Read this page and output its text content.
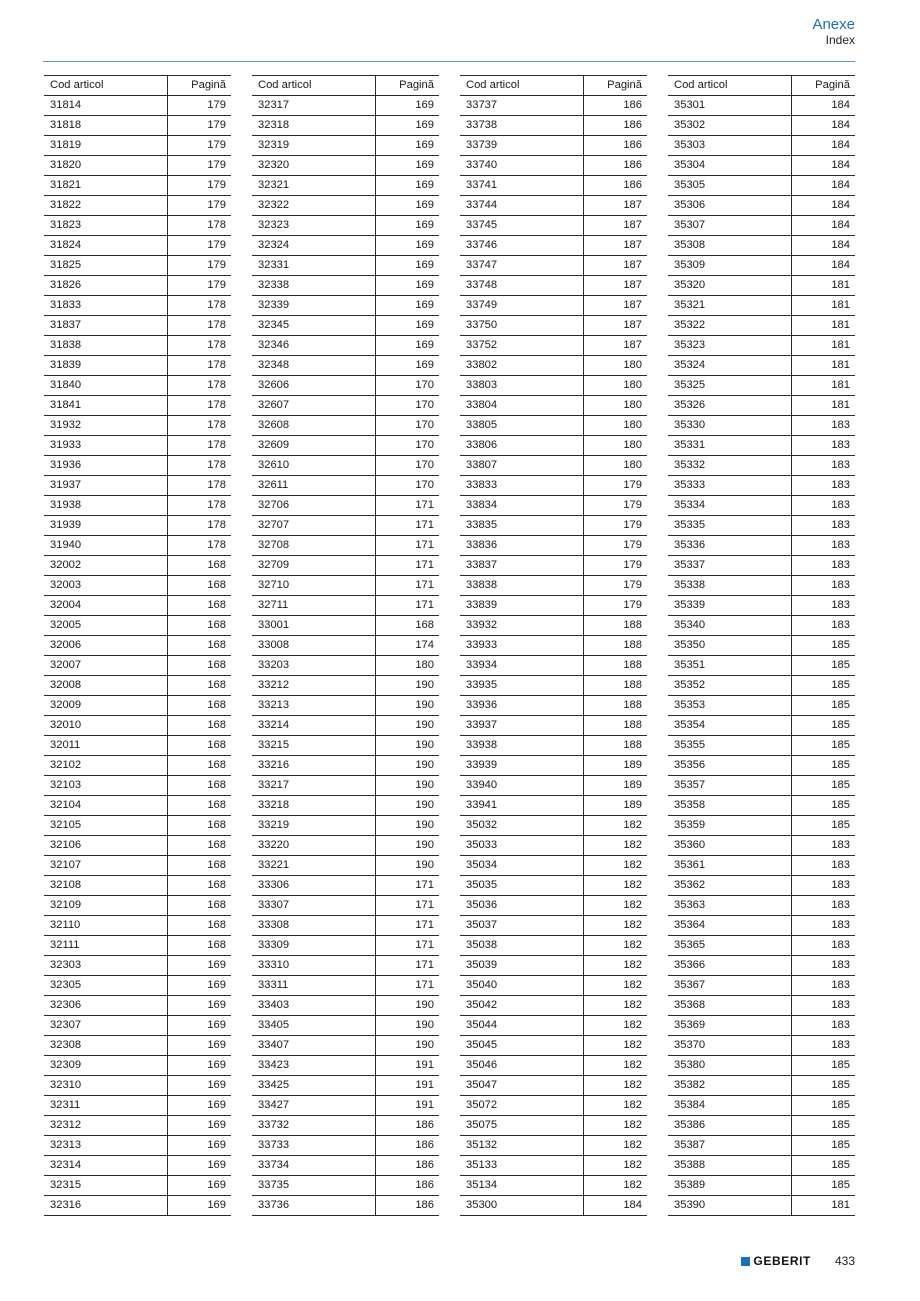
Anexe
Index
Cod articol	Pagină
31814	179
31818	179
31819	179
31820	179
31821	179
31822	179
31823	178
31824	179
31825	179
31826	179
31833	178
31837	178
31838	178
31839	178
31840	178
31841	178
31932	178
31933	178
31936	178
31937	178
31938	178
31939	178
31940	178
32002	168
32003	168
32004	168
32005	168
32006	168
32007	168
32008	168
32009	168
32010	168
32011	168
32102	168
32103	168
32104	168
32105	168
32106	168
32107	168
32108	168
32109	168
32110	168
32111	168
32303	169
32305	169
32306	169
32307	169
32308	169
32309	169
32310	169
32311	169
32312	169
32313	169
32314	169
32315	169
32316	169
Cod articol	Pagină
32317	169
32318	169
32319	169
32320	169
32321	169
32322	169
32323	169
32324	169
32331	169
32338	169
32339	169
32345	169
32346	169
32348	169
32606	170
32607	170
32608	170
32609	170
32610	170
32611	170
32706	171
32707	171
32708	171
32709	171
32710	171
32711	171
33001	168
33008	174
33203	180
33212	190
33213	190
33214	190
33215	190
33216	190
33217	190
33218	190
33219	190
33220	190
33221	190
33306	171
33307	171
33308	171
33309	171
33310	171
33311	171
33403	190
33405	190
33407	190
33423	191
33425	191
33427	191
33732	186
33733	186
33734	186
33735	186
33736	186
Cod articol	Pagină
33737	186
33738	186
33739	186
33740	186
33741	186
33744	187
33745	187
33746	187
33747	187
33748	187
33749	187
33750	187
33752	187
33802	180
33803	180
33804	180
33805	180
33806	180
33807	180
33833	179
33834	179
33835	179
33836	179
33837	179
33838	179
33839	179
33932	188
33933	188
33934	188
33935	188
33936	188
33937	188
33938	188
33939	189
33940	189
33941	189
35032	182
35033	182
35034	182
35035	182
35036	182
35037	182
35038	182
35039	182
35040	182
35042	182
35044	182
35045	182
35046	182
35047	182
35072	182
35075	182
35132	182
35133	182
35134	182
35300	184
Cod articol	Pagină
35301	184
35302	184
35303	184
35304	184
35305	184
35306	184
35307	184
35308	184
35309	184
35320	181
35321	181
35322	181
35323	181
35324	181
35325	181
35326	181
35330	183
35331	183
35332	183
35333	183
35334	183
35335	183
35336	183
35337	183
35338	183
35339	183
35340	183
35350	185
35351	185
35352	185
35353	185
35354	185
35355	185
35356	185
35357	185
35358	185
35359	185
35360	183
35361	183
35362	183
35363	183
35364	183
35365	183
35366	183
35367	183
35368	183
35369	183
35370	183
35380	185
35382	185
35384	185
35386	185
35387	185
35388	185
35389	185
35390	181
GEBERIT 433
